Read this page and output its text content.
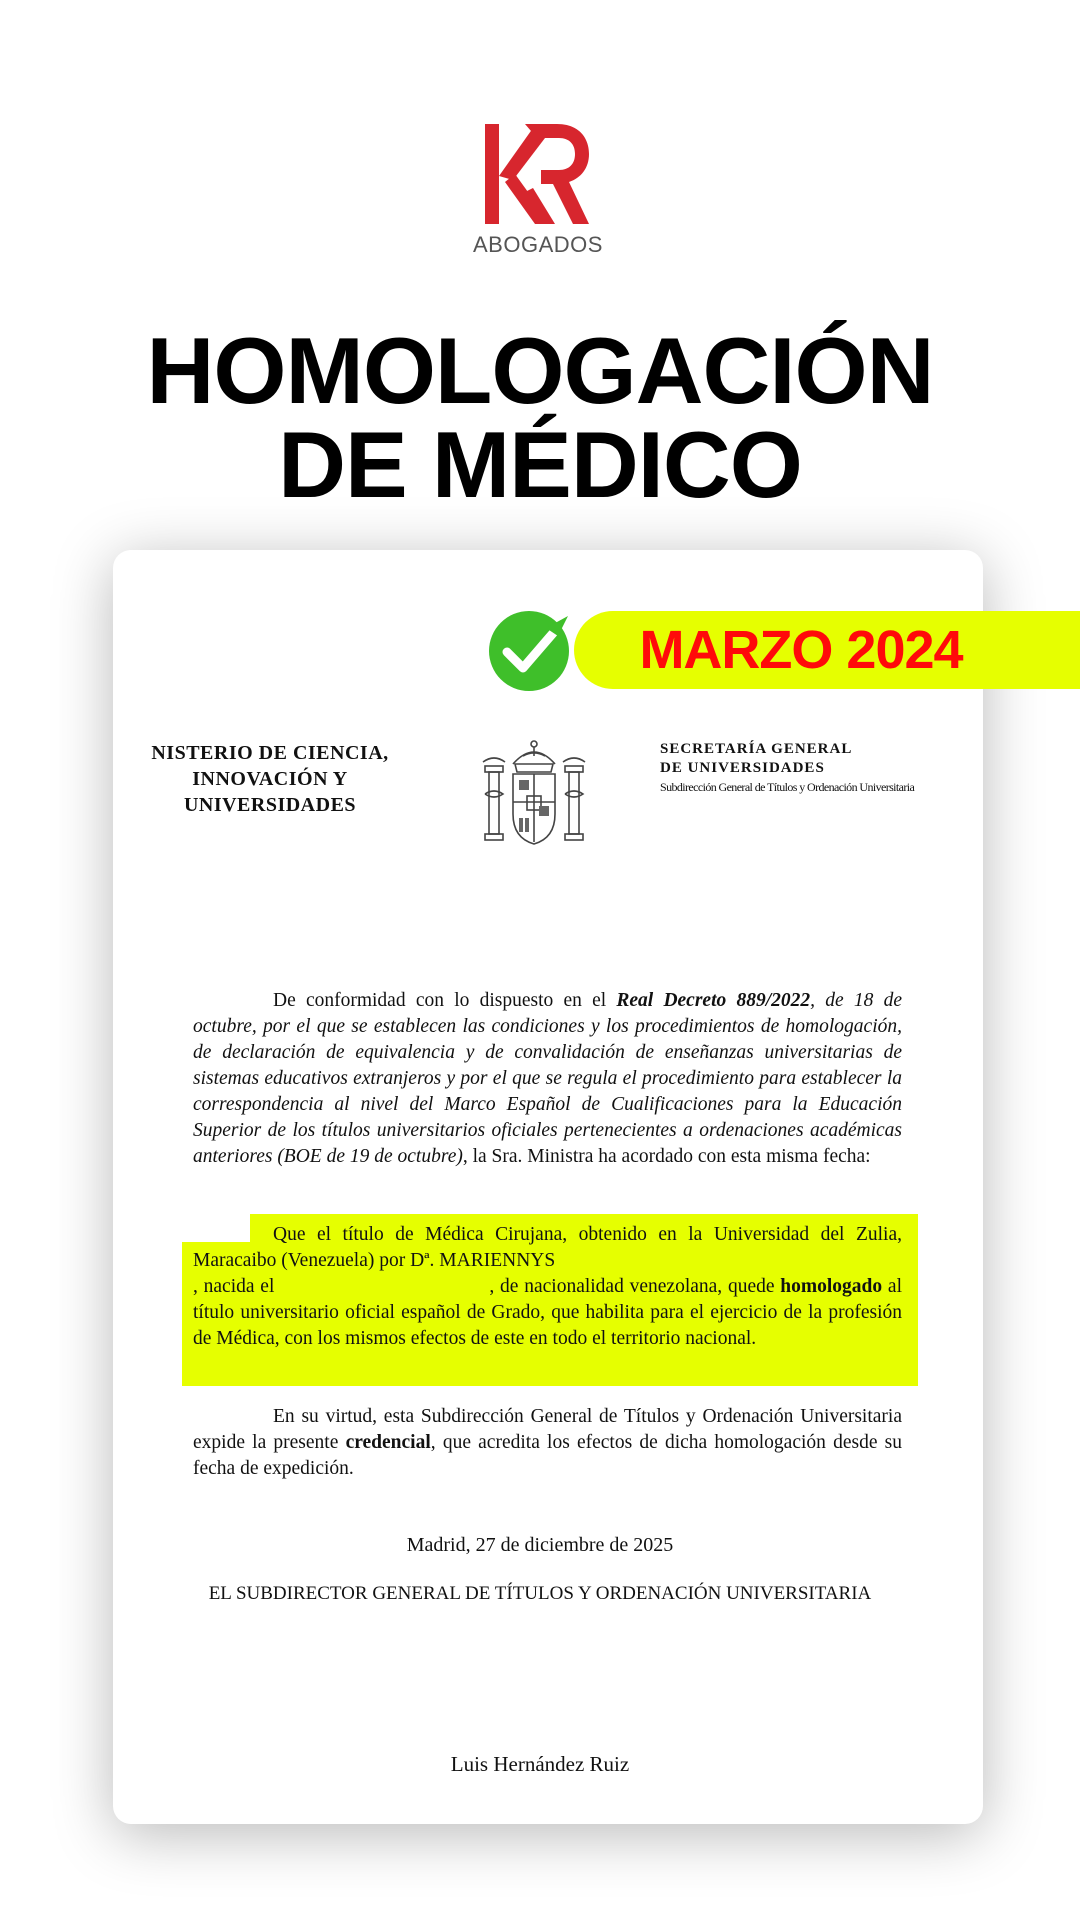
ABOGADOS
HOMOLOGACIÓN
DE MÉDICO
MARZO 2024
NISTERIO DE CIENCIA,
INNOVACIÓN Y
UNIVERSIDADES
SECRETARÍA GENERAL
DE UNIVERSIDADES
Subdirección General de Títulos y Ordenación Universitaria
De conformidad con lo dispuesto en el Real Decreto 889/2022, de 18 de octubre, por el que se establecen las condiciones y los procedimientos de homologación, de declaración de equivalencia y de convalidación de enseñanzas universitarias de sistemas educativos extranjeros y por el que se regula el procedimiento para establecer la correspondencia al nivel del Marco Español de Cualificaciones para la Educación Superior de los títulos universitarios oficiales pertenecientes a ordenaciones académicas anteriores (BOE de 19 de octubre), la Sra. Ministra ha acordado con esta misma fecha:
Que el título de Médica Cirujana, obtenido en la Universidad del Zulia, Maracaibo (Venezuela) por Dª. MARIENNYS
, nacida el	, de nacionalidad venezolana, quede homologado al título universitario oficial español de Grado, que habilita para el ejercicio de la profesión de Médica, con los mismos efectos de este en todo el territorio nacional.
En su virtud, esta Subdirección General de Títulos y Ordenación Universitaria expide la presente credencial, que acredita los efectos de dicha homologación desde su fecha de expedición.
Madrid, 27 de diciembre de 2025
EL SUBDIRECTOR GENERAL DE TÍTULOS Y ORDENACIÓN UNIVERSITARIA
Luis Hernández Ruiz
